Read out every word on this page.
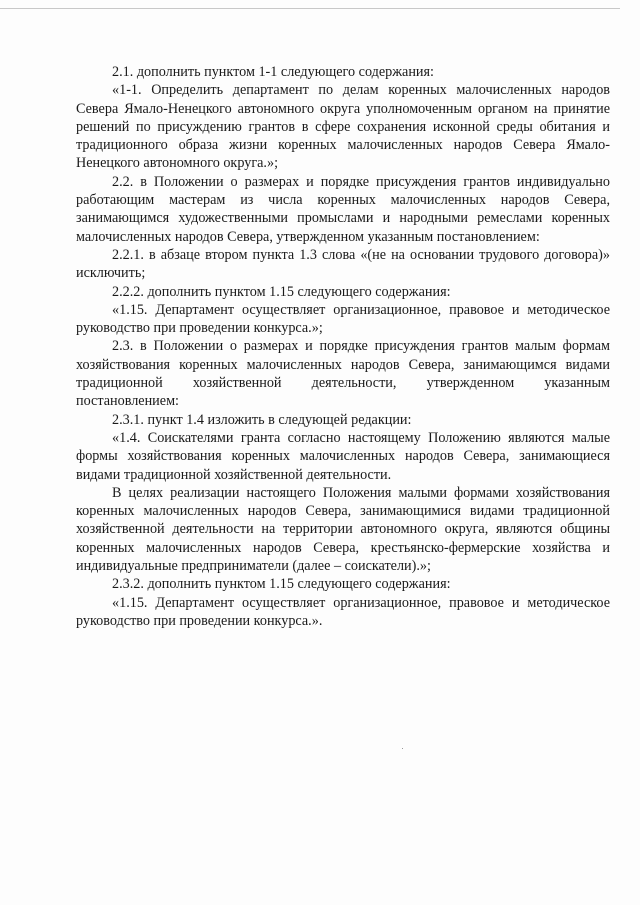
2.1. дополнить пунктом 1-1 следующего содержания:

«1-1. Определить департамент по делам коренных малочисленных народов Севера Ямало-Ненецкого автономного округа уполномоченным органом на принятие решений по присуждению грантов в сфере сохранения исконной среды обитания и традиционного образа жизни коренных малочисленных народов Севера Ямало-Ненецкого автономного округа.»;

2.2. в Положении о размерах и порядке присуждения грантов индивидуально работающим мастерам из числа коренных малочисленных народов Севера, занимающимся художественными промыслами и народными ремеслами коренных малочисленных народов Севера, утвержденном указанным постановлением:

2.2.1. в абзаце втором пункта 1.3 слова «(не на основании трудового договора)» исключить;

2.2.2. дополнить пунктом 1.15 следующего содержания:

«1.15. Департамент осуществляет организационное, правовое и методическое руководство при проведении конкурса.»;

2.3. в Положении о размерах и порядке присуждения грантов малым формам хозяйствования коренных малочисленных народов Севера, занимающимся видами традиционной хозяйственной деятельности, утвержденном указанным постановлением:

2.3.1. пункт 1.4 изложить в следующей редакции:

«1.4. Соискателями гранта согласно настоящему Положению являются малые формы хозяйствования коренных малочисленных народов Севера, занимающиеся видами традиционной хозяйственной деятельности.

В целях реализации настоящего Положения малыми формами хозяйствования коренных малочисленных народов Севера, занимающимися видами традиционной хозяйственной деятельности на территории автономного округа, являются общины коренных малочисленных народов Севера, крестьянско-фермерские хозяйства и индивидуальные предприниматели (далее – соискатели).»;

2.3.2. дополнить пунктом 1.15 следующего содержания:

«1.15. Департамент осуществляет организационное, правовое и методическое руководство при проведении конкурса.».
